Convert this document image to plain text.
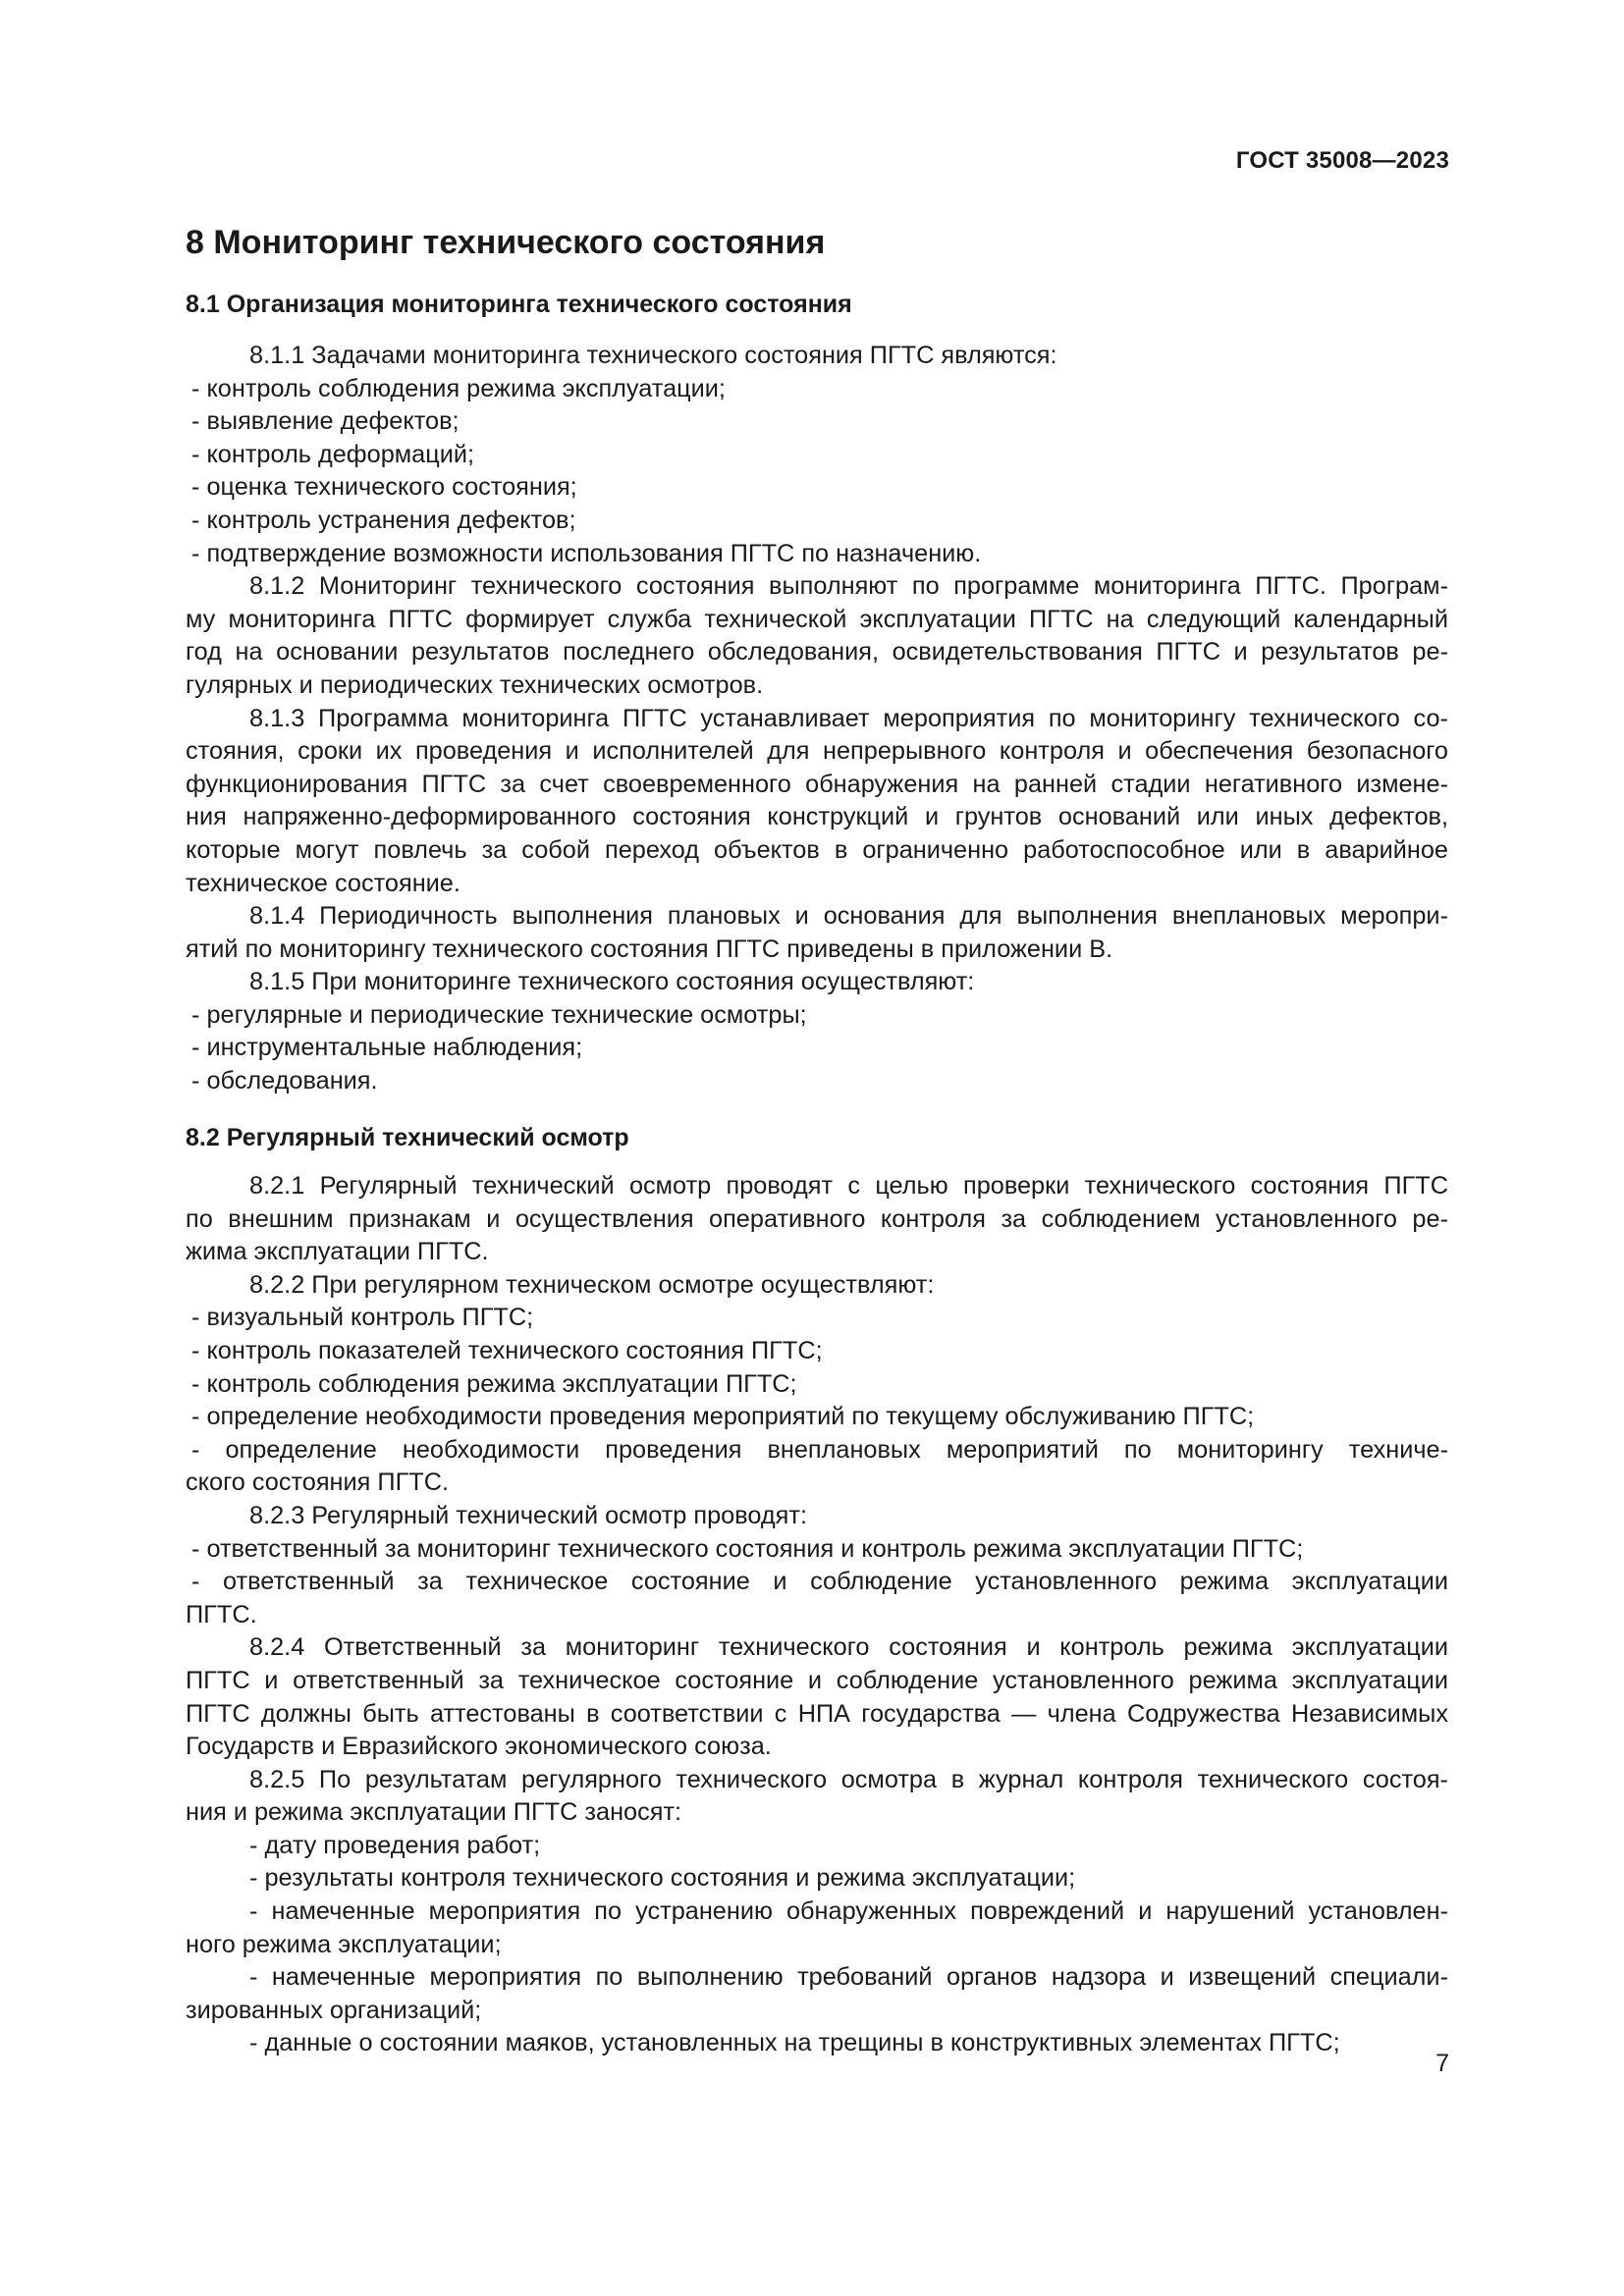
ГОСТ 35008—2023
8 Мониторинг технического состояния
8.1 Организация мониторинга технического состояния
8.1.1 Задачами мониторинга технического состояния ПГТС являются:
- контроль соблюдения режима эксплуатации;
- выявление дефектов;
- контроль деформаций;
- оценка технического состояния;
- контроль устранения дефектов;
- подтверждение возможности использования ПГТС по назначению.
8.1.2 Мониторинг технического состояния выполняют по программе мониторинга ПГТС. Програм-
му мониторинга ПГТС формирует служба технической эксплуатации ПГТС на следующий календарный
год на основании результатов последнего обследования, освидетельствования ПГТС и результатов ре-
гулярных и периодических технических осмотров.
8.1.3 Программа мониторинга ПГТС устанавливает мероприятия по мониторингу технического со-
стояния, сроки их проведения и исполнителей для непрерывного контроля и обеспечения безопасного
функционирования ПГТС за счет своевременного обнаружения на ранней стадии негативного измене-
ния напряженно-деформированного состояния конструкций и грунтов оснований или иных дефектов,
которые могут повлечь за собой переход объектов в ограниченно работоспособное или в аварийное
техническое состояние.
8.1.4 Периодичность выполнения плановых и основания для выполнения внеплановых меропри-
ятий по мониторингу технического состояния ПГТС приведены в приложении В.
8.1.5 При мониторинге технического состояния осуществляют:
- регулярные и периодические технические осмотры;
- инструментальные наблюдения;
- обследования.
8.2 Регулярный технический осмотр
8.2.1 Регулярный технический осмотр проводят с целью проверки технического состояния ПГТС
по внешним признакам и осуществления оперативного контроля за соблюдением установленного ре-
жима эксплуатации ПГТС.
8.2.2 При регулярном техническом осмотре осуществляют:
- визуальный контроль ПГТС;
- контроль показателей технического состояния ПГТС;
- контроль соблюдения режима эксплуатации ПГТС;
- определение необходимости проведения мероприятий по текущему обслуживанию ПГТС;
- определение необходимости проведения внеплановых мероприятий по мониторингу техниче-
ского состояния ПГТС.
8.2.3 Регулярный технический осмотр проводят:
- ответственный за мониторинг технического состояния и контроль режима эксплуатации ПГТС;
- ответственный за техническое состояние и соблюдение установленного режима эксплуатации
ПГТС.
8.2.4 Ответственный за мониторинг технического состояния и контроль режима эксплуатации
ПГТС и ответственный за техническое состояние и соблюдение установленного режима эксплуатации
ПГТС должны быть аттестованы в соответствии с НПА государства — члена Содружества Независимых
Государств и Евразийского экономического союза.
8.2.5 По результатам регулярного технического осмотра в журнал контроля технического состоя-
ния и режима эксплуатации ПГТС заносят:
- дату проведения работ;
- результаты контроля технического состояния и режима эксплуатации;
- намеченные мероприятия по устранению обнаруженных повреждений и нарушений установлен-
ного режима эксплуатации;
- намеченные мероприятия по выполнению требований органов надзора и извещений специали-
зированных организаций;
- данные о состоянии маяков, установленных на трещины в конструктивных элементах ПГТС;
7
